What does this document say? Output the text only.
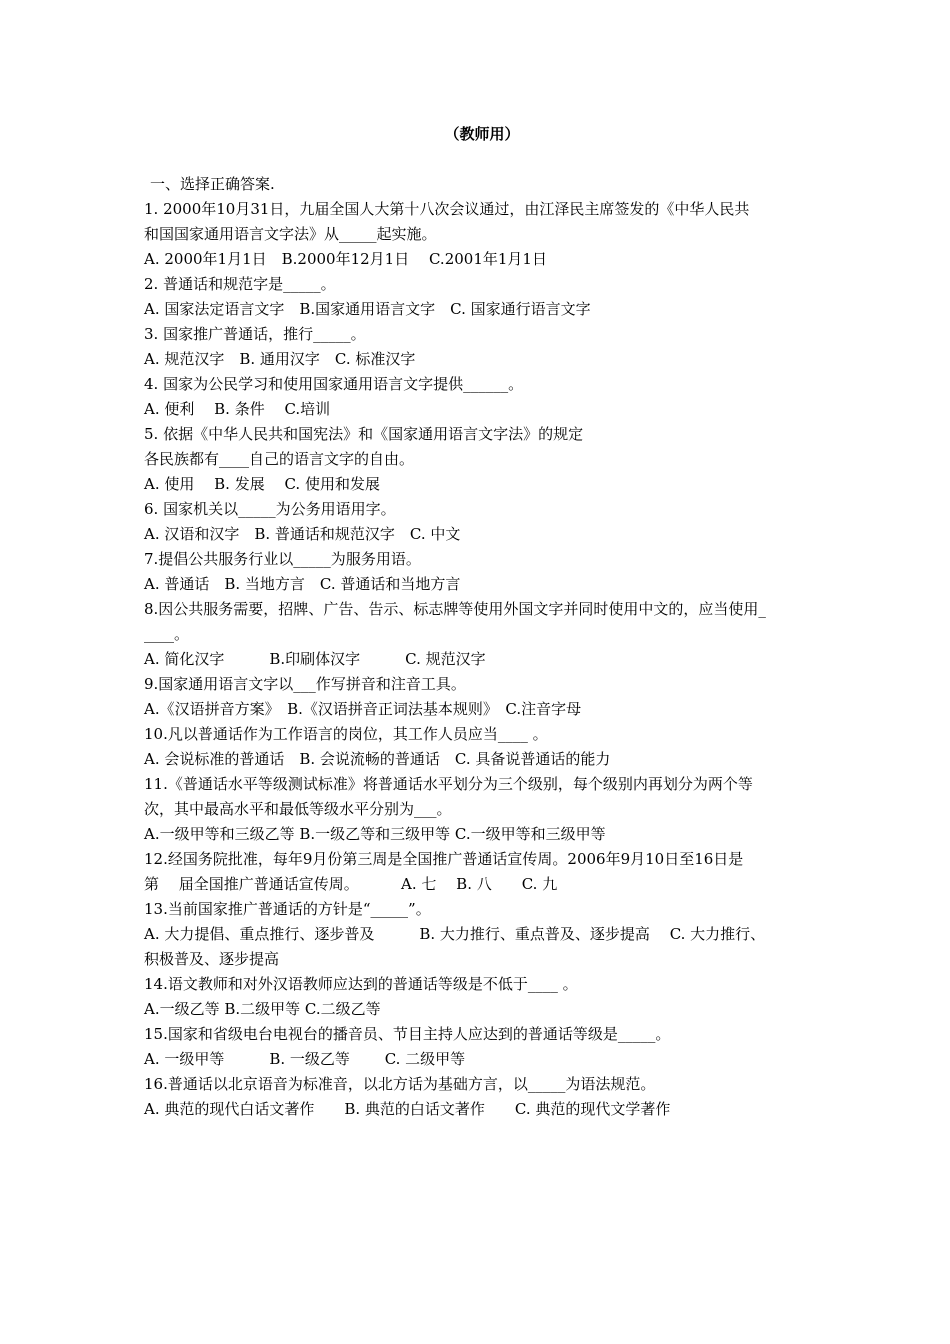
（教师用）
一、选择正确答案.
1. 2000年10月31日，九届全国人大第十八次会议通过，由江泽民主席签发的《中华人民共
和国国家通用语言文字法》从_____起实施。
A. 2000年1月1日　B.2000年12月1日　 C.2001年1月1日
2. 普通话和规范字是_____。
A. 国家法定语言文字　B.国家通用语言文字　C. 国家通行语言文字
3. 国家推广普通话，推行_____。
A. 规范汉字　B. 通用汉字　C. 标准汉字
4. 国家为公民学习和使用国家通用语言文字提供______。
A. 便利　 B. 条件　 C.培训
5. 依据《中华人民共和国宪法》和《国家通用语言文字法》的规定
各民族都有____自己的语言文字的自由。
A. 使用　 B. 发展　 C. 使用和发展
6. 国家机关以_____为公务用语用字。
A. 汉语和汉字　B. 普通话和规范汉字　C. 中文
7.提倡公共服务行业以_____为服务用语。
A. 普通话　B. 当地方言　C. 普通话和当地方言
8.因公共服务需要，招牌、广告、告示、标志牌等使用外国文字并同时使用中文的，应当使用_
____。
A. 简化汉字　　　B.印刷体汉字　　　C. 规范汉字
9.国家通用语言文字以___作写拼音和注音工具。
A.《汉语拼音方案》　B.《汉语拼音正词法基本规则》　C.注音字母
10.凡以普通话作为工作语言的岗位，其工作人员应当____ 。
A. 会说标准的普通话　B. 会说流畅的普通话　C. 具备说普通话的能力
11.《普通话水平等级测试标准》将普通话水平划分为三个级别，每个级别内再划分为两个等
次，其中最高水平和最低等级水平分别为___。
A.一级甲等和三级乙等 B.一级乙等和三级甲等 C.一级甲等和三级甲等
12.经国务院批准，每年9月份第三周是全国推广普通话宣传周。2006年9月10日至16日是
第　 届全国推广普通话宣传周。　　　 A. 七　 B. 八　　C. 九
13.当前国家推广普通话的方针是“_____”。
A. 大力提倡、重点推行、逐步普及　　　B. 大力推行、重点普及、逐步提高　 C. 大力推行、
积极普及、逐步提高
14.语文教师和对外汉语教师应达到的普通话等级是不低于____ 。
A.一级乙等 B.二级甲等 C.二级乙等
15.国家和省级电台电视台的播音员、节目主持人应达到的普通话等级是_____。
A. 一级甲等　　　B. 一级乙等　　 C. 二级甲等
16.普通话以北京语音为标准音，以北方话为基础方言，以_____为语法规范。
A. 典范的现代白话文著作　　B. 典范的白话文著作　　C. 典范的现代文学著作
